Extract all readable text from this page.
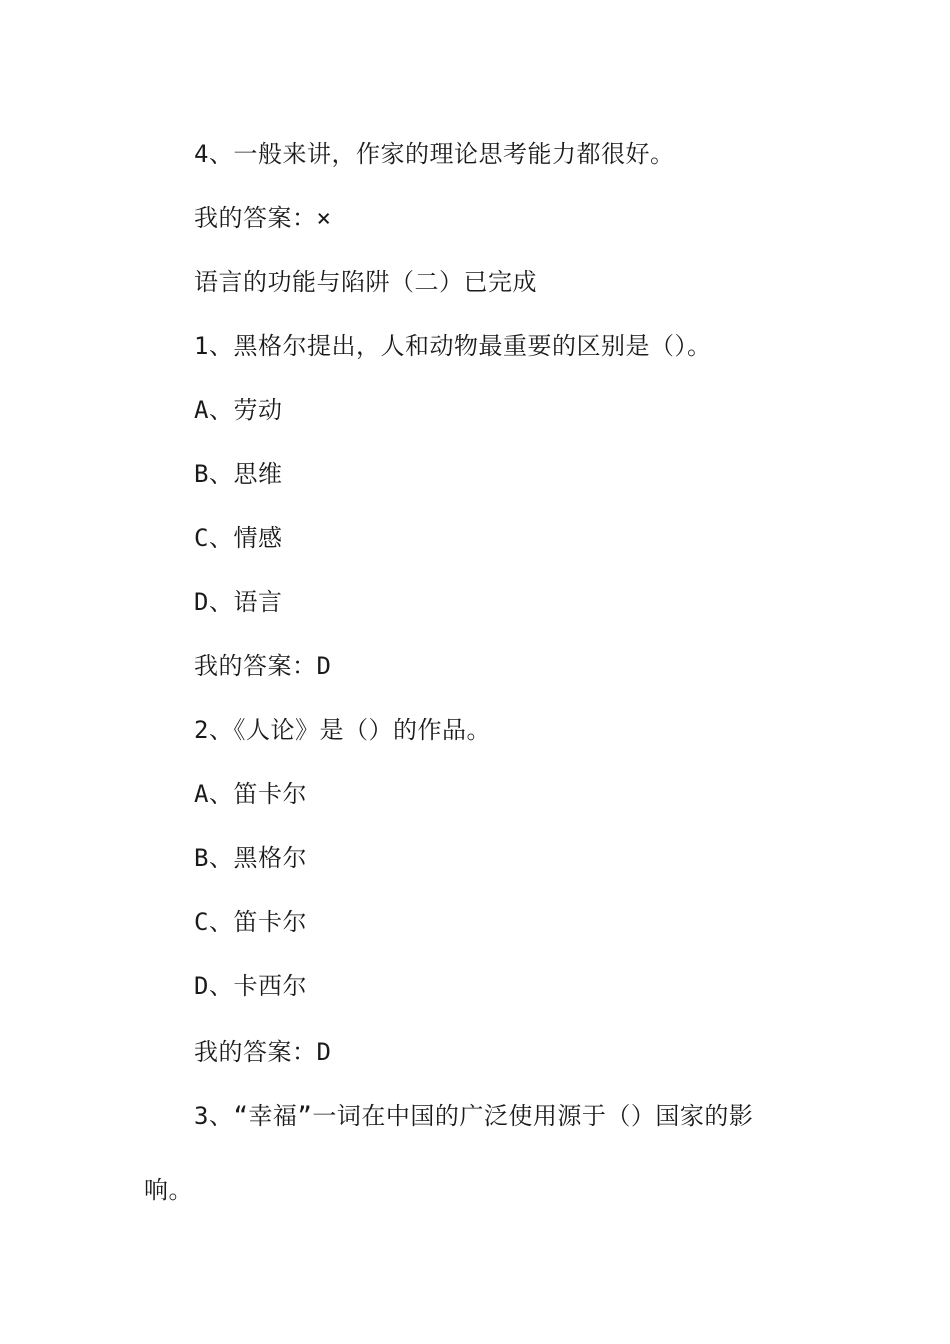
4、一般来讲，作家的理论思考能力都很好。
我的答案：×
语言的功能与陷阱（二）已完成
1、黑格尔提出，人和动物最重要的区别是（）。
A、劳动
B、思维
C、情感
D、语言
我的答案：D
2、《人论》是（）的作品。
A、笛卡尔
B、黑格尔
C、笛卡尔
D、卡西尔
我的答案：D
3、“幸福”一词在中国的广泛使用源于（）国家的影
响。
